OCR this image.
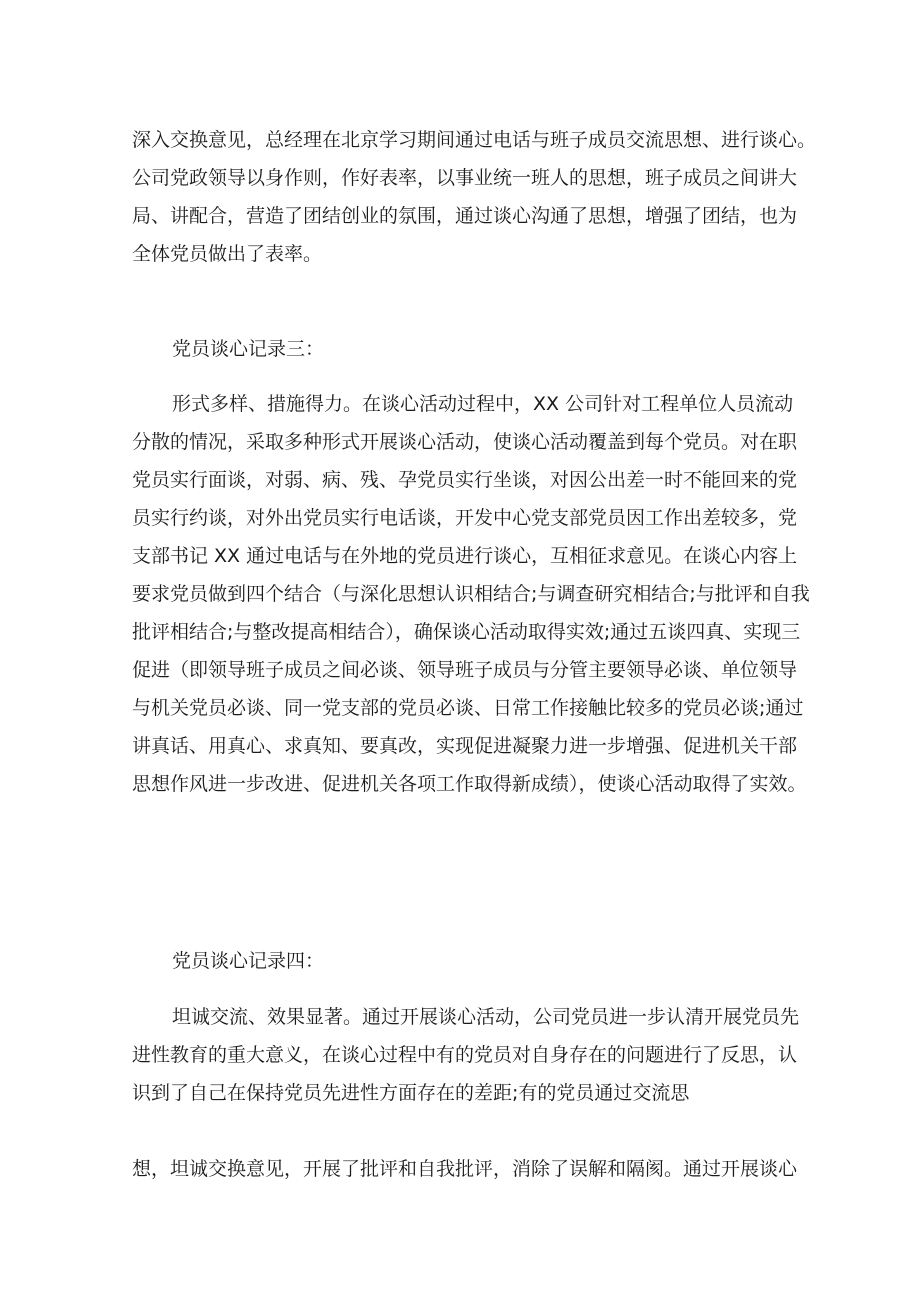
深入交换意见，总经理在北京学习期间通过电话与班子成员交流思想、进行谈心。
公司党政领导以身作则，作好表率，以事业统一班人的思想，班子成员之间讲大
局、讲配合，营造了团结创业的氛围，通过谈心沟通了思想，增强了团结，也为
全体党员做出了表率。
党员谈心记录三：
形式多样、措施得力。在谈心活动过程中，XX 公司针对工程单位人员流动
分散的情况，采取多种形式开展谈心活动，使谈心活动覆盖到每个党员。对在职
党员实行面谈，对弱、病、残、孕党员实行坐谈，对因公出差一时不能回来的党
员实行约谈，对外出党员实行电话谈，开发中心党支部党员因工作出差较多，党
支部书记 XX 通过电话与在外地的党员进行谈心，互相征求意见。在谈心内容上
要求党员做到四个结合（与深化思想认识相结合;与调查研究相结合;与批评和自我
批评相结合;与整改提高相结合），确保谈心活动取得实效;通过五谈四真、实现三
促进（即领导班子成员之间必谈、领导班子成员与分管主要领导必谈、单位领导
与机关党员必谈、同一党支部的党员必谈、日常工作接触比较多的党员必谈;通过
讲真话、用真心、求真知、要真改，实现促进凝聚力进一步增强、促进机关干部
思想作风进一步改进、促进机关各项工作取得新成绩），使谈心活动取得了实效。
党员谈心记录四：
坦诚交流、效果显著。通过开展谈心活动，公司党员进一步认清开展党员先
进性教育的重大意义，在谈心过程中有的党员对自身存在的问题进行了反思，认
识到了自己在保持党员先进性方面存在的差距;有的党员通过交流思
想，坦诚交换意见，开展了批评和自我批评，消除了误解和隔阂。通过开展谈心
